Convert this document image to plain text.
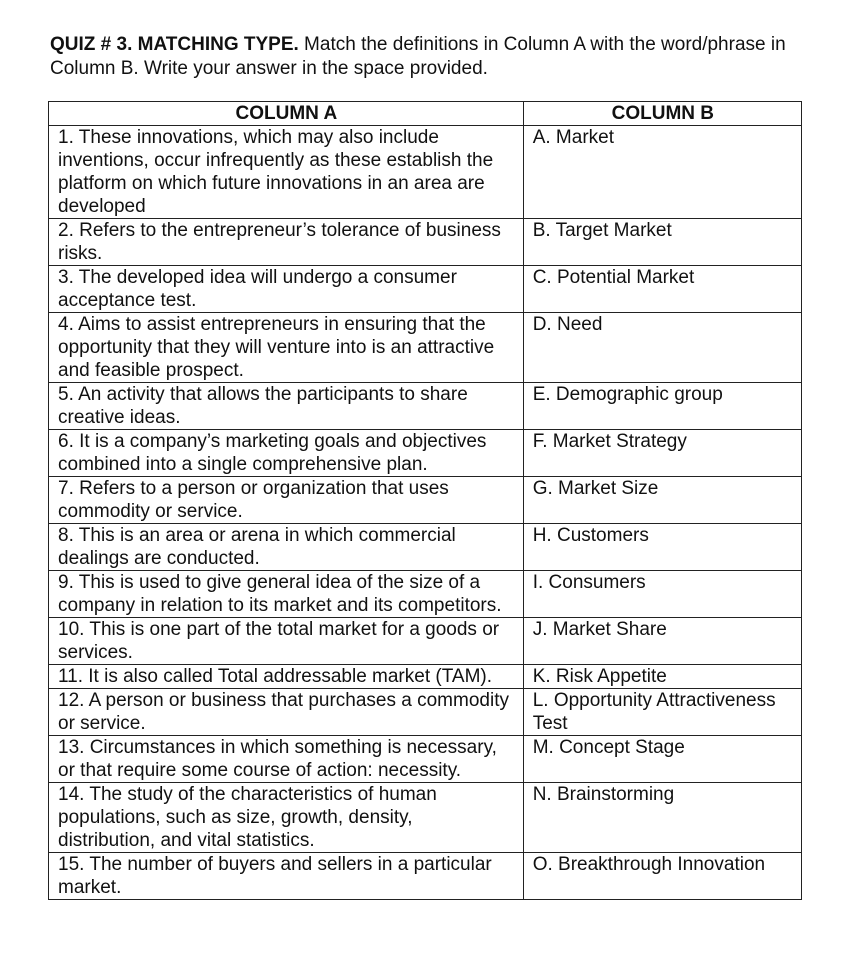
QUIZ # 3. MATCHING TYPE. Match the definitions in Column A with the word/phrase in Column B. Write your answer in the space provided.
COLUMN A	COLUMN B
1. These innovations, which may also include inventions, occur infrequently as these establish the platform on which future innovations in an area are developed	A. Market
2. Refers to the entrepreneur’s tolerance of business risks.	B. Target Market
3. The developed idea will undergo a consumer acceptance test.	C. Potential Market
4. Aims to assist entrepreneurs in ensuring that the opportunity that they will venture into is an attractive and feasible prospect.	D. Need
5. An activity that allows the participants to share creative ideas.	E. Demographic group
6. It is a company’s marketing goals and objectives combined into a single comprehensive plan.	F. Market Strategy
7. Refers to a person or organization that uses commodity or service.	G. Market Size
8. This is an area or arena in which commercial dealings are conducted.	H. Customers
9. This is used to give general idea of the size of a company in relation to its market and its competitors.	I. Consumers
10. This is one part of the total market for a goods or services.	J. Market Share
11. It is also called Total addressable market (TAM).	K. Risk Appetite
12. A person or business that purchases a commodity or service.	L. Opportunity Attractiveness Test
13. Circumstances in which something is necessary, or that require some course of action: necessity.	M. Concept Stage
14. The study of the characteristics of human populations, such as size, growth, density, distribution, and vital statistics.	N. Brainstorming
15. The number of buyers and sellers in a particular market.	O. Breakthrough Innovation
